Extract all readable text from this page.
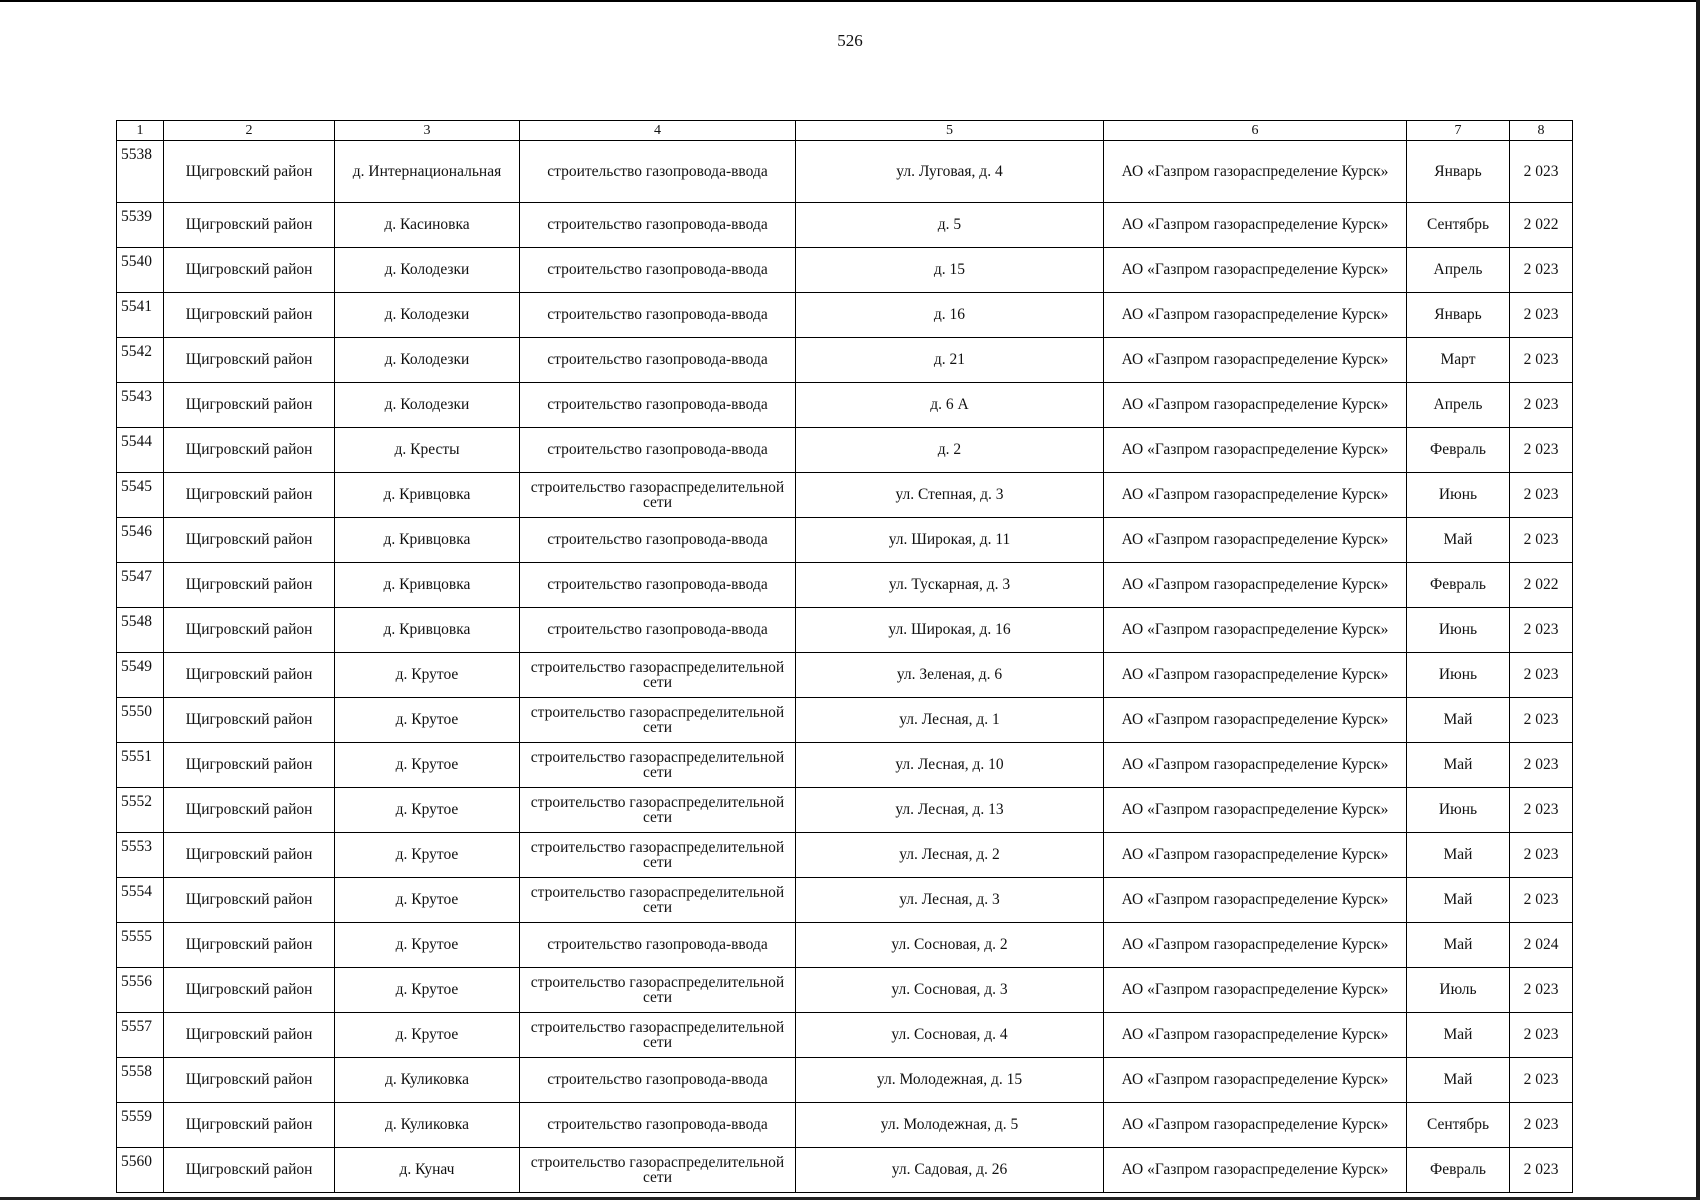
526
1	2	3	4	5	6	7	8
5538	Щигровский район	д. Интернациональная	строительство газопровода-ввода	ул. Луговая, д. 4	АО «Газпром газораспределение Курск»	Январь	2 023
5539	Щигровский район	д. Касиновка	строительство газопровода-ввода	д. 5	АО «Газпром газораспределение Курск»	Сентябрь	2 022
5540	Щигровский район	д. Колодезки	строительство газопровода-ввода	д. 15	АО «Газпром газораспределение Курск»	Апрель	2 023
5541	Щигровский район	д. Колодезки	строительство газопровода-ввода	д. 16	АО «Газпром газораспределение Курск»	Январь	2 023
5542	Щигровский район	д. Колодезки	строительство газопровода-ввода	д. 21	АО «Газпром газораспределение Курск»	Март	2 023
5543	Щигровский район	д. Колодезки	строительство газопровода-ввода	д. 6 А	АО «Газпром газораспределение Курск»	Апрель	2 023
5544	Щигровский район	д. Кресты	строительство газопровода-ввода	д. 2	АО «Газпром газораспределение Курск»	Февраль	2 023
5545	Щигровский район	д. Кривцовка	строительство газораспределительной сети	ул. Степная, д. 3	АО «Газпром газораспределение Курск»	Июнь	2 023
5546	Щигровский район	д. Кривцовка	строительство газопровода-ввода	ул. Широкая, д. 11	АО «Газпром газораспределение Курск»	Май	2 023
5547	Щигровский район	д. Кривцовка	строительство газопровода-ввода	ул. Тускарная, д. 3	АО «Газпром газораспределение Курск»	Февраль	2 022
5548	Щигровский район	д. Кривцовка	строительство газопровода-ввода	ул. Широкая, д. 16	АО «Газпром газораспределение Курск»	Июнь	2 023
5549	Щигровский район	д. Крутое	строительство газораспределительной сети	ул. Зеленая, д. 6	АО «Газпром газораспределение Курск»	Июнь	2 023
5550	Щигровский район	д. Крутое	строительство газораспределительной сети	ул. Лесная, д. 1	АО «Газпром газораспределение Курск»	Май	2 023
5551	Щигровский район	д. Крутое	строительство газораспределительной сети	ул. Лесная, д. 10	АО «Газпром газораспределение Курск»	Май	2 023
5552	Щигровский район	д. Крутое	строительство газораспределительной сети	ул. Лесная, д. 13	АО «Газпром газораспределение Курск»	Июнь	2 023
5553	Щигровский район	д. Крутое	строительство газораспределительной сети	ул. Лесная, д. 2	АО «Газпром газораспределение Курск»	Май	2 023
5554	Щигровский район	д. Крутое	строительство газораспределительной сети	ул. Лесная, д. 3	АО «Газпром газораспределение Курск»	Май	2 023
5555	Щигровский район	д. Крутое	строительство газопровода-ввода	ул. Сосновая, д. 2	АО «Газпром газораспределение Курск»	Май	2 024
5556	Щигровский район	д. Крутое	строительство газораспределительной сети	ул. Сосновая, д. 3	АО «Газпром газораспределение Курск»	Июль	2 023
5557	Щигровский район	д. Крутое	строительство газораспределительной сети	ул. Сосновая, д. 4	АО «Газпром газораспределение Курск»	Май	2 023
5558	Щигровский район	д. Куликовка	строительство газопровода-ввода	ул. Молодежная, д. 15	АО «Газпром газораспределение Курск»	Май	2 023
5559	Щигровский район	д. Куликовка	строительство газопровода-ввода	ул. Молодежная, д. 5	АО «Газпром газораспределение Курск»	Сентябрь	2 023
5560	Щигровский район	д. Кунач	строительство газораспределительной сети	ул. Садовая, д. 26	АО «Газпром газораспределение Курск»	Февраль	2 023
